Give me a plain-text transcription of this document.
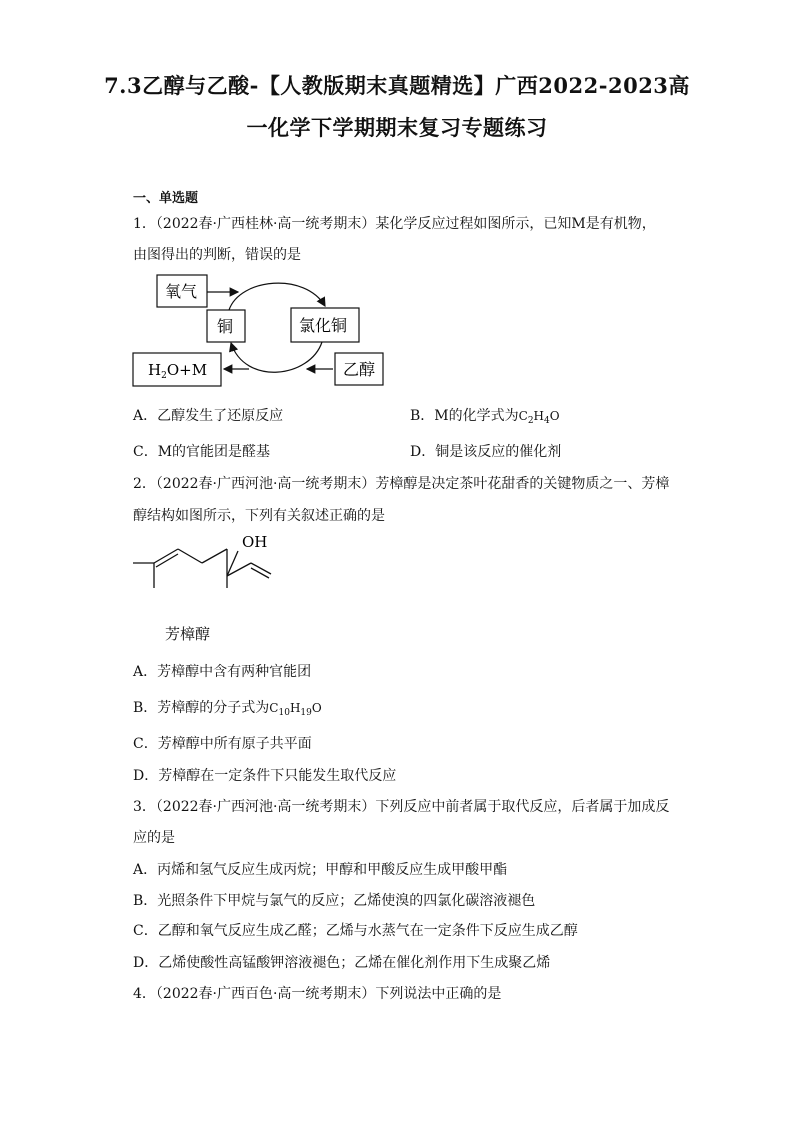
7.3乙醇与乙酸-【人教版期末真题精选】广西2022-2023高
一化学下学期期末复习专题练习
一、单选题
1．（2022春·广西桂林·高一统考期末）某化学反应过程如图所示，已知M是有机物，
由图得出的判断，错误的是
氧气
铜	氯化铜
乙醇
$H_2O+M$
A．乙醇发生了还原反应	B．M的化学式为$C_2H_4O$
C．M的官能团是醛基	D．铜是该反应的催化剂
2．（2022春·广西河池·高一统考期末）芳樟醇是决定茶叶花甜香的关键物质之一、芳樟
醇结构如图所示，下列有关叙述正确的是
OH
芳樟醇
A．芳樟醇中含有两种官能团
B．芳樟醇的分子式为$C_{10}H_{19}O$
C．芳樟醇中所有原子共平面
D．芳樟醇在一定条件下只能发生取代反应
3．（2022春·广西河池·高一统考期末）下列反应中前者属于取代反应，后者属于加成反
应的是
A．丙烯和氢气反应生成丙烷；甲醇和甲酸反应生成甲酸甲酯
B．光照条件下甲烷与氯气的反应；乙烯使溴的四氯化碳溶液褪色
C．乙醇和氧气反应生成乙醛；乙烯与水蒸气在一定条件下反应生成乙醇
D．乙烯使酸性高锰酸钾溶液褪色；乙烯在催化剂作用下生成聚乙烯
4．（2022春·广西百色·高一统考期末）下列说法中正确的是
